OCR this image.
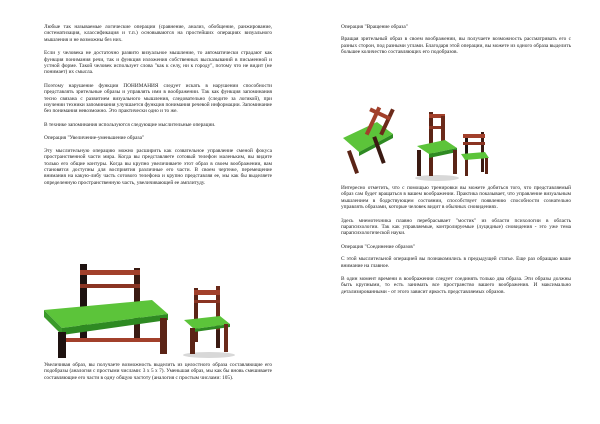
Любые так называемые логические операции (сравнение, анализ, обобщение, ранжирование, систематизация, классификация и т.п.) основываются на простейших операциях визуального мышления и не возможны без них.

Если у человека не достаточно развито визуальное мышление, то автоматически страдают как функция понимания речи, так и функция изложения собственных высказываний в письменной и устной форме. Такой человек использует слова "как к селу, ни к городу", потому что не видит (не понимает) их смысла.

Поэтому нарушение функции ПОНИМАНИЯ следует искать в нарушении способности представлять зрительные образы и управлять ими в воображении. Так как функция запоминания тесно связана с развитием визуального мышления, следовательно (следите за логикой), при изучении техники запоминания улучшается функция понимания речевой информации. Запоминание без понимания невозможно. Это практически одно и то же.

В технике запоминания используются следующие мыслительные операции.

Операция "Увеличение-уменьшение образа"

Эту мыслительную операцию можно расширить как созвательное управление сменой фокуса пространственной части мира. Когда вы представляете сотовый телефон маленьким, вы видите только его общие контуры. Когда вы крупно увеличиваете этот образ в своем воображении, вам становятся доступны для восприятия различные его части. В своем чертеже, перемещение внимания на какую-либу часть сотового телефона и крупно представляя ее, мы как бы выделяете определенную пространственную часть, увеличивающей ее амплитуду.

Увеличивая образ, вы получаете возможность выделить из целостного образа составляющие его подобразы (аналогия с простыми числами: 3 х 5 х 7). Уменьшая образ, мы как бы вновь смешиваете составляющие его части в одну общую частоту (аналогия с простым числами: 105).

Операция "Вращение образа"

Вращая зрительный образ в своем воображении, вы получаете возможность рассматривать его с разных сторон, под разными углами. Благодаря этой операции, вы можете из одного образа выделить большее количество составляющих его подобразов.

Интересно отметить, что с помощью тренировки вы можете добиться того, что представляемый образ сам будет вращаться в вашем воображении. Практика показывает, что управление визуальным мышлением в бодрствующем состоянии, способствует появлению способности сознательно управлять образами, которые человек видит в обычных сновидениях.

Здесь мнемотехника плавно перебрасывает "мостик" из области психологии в область парапсихологии. Так как управляемые, контролируемые (луцидные) сновидения - это уже тема парапсихологической науки.

Операция "Соединение образов"

С этой мыслительной операцией вы познакомились в предыдущей статье. Еще раз обращаю ваше внимание на главное.

В один момент времени в воображении следует соединять только два образа. Эти образы должны быть крупными, то есть занимать все пространство вашего воображения. И максимально детализированными - от этого зависит яркость представляемых образов.
